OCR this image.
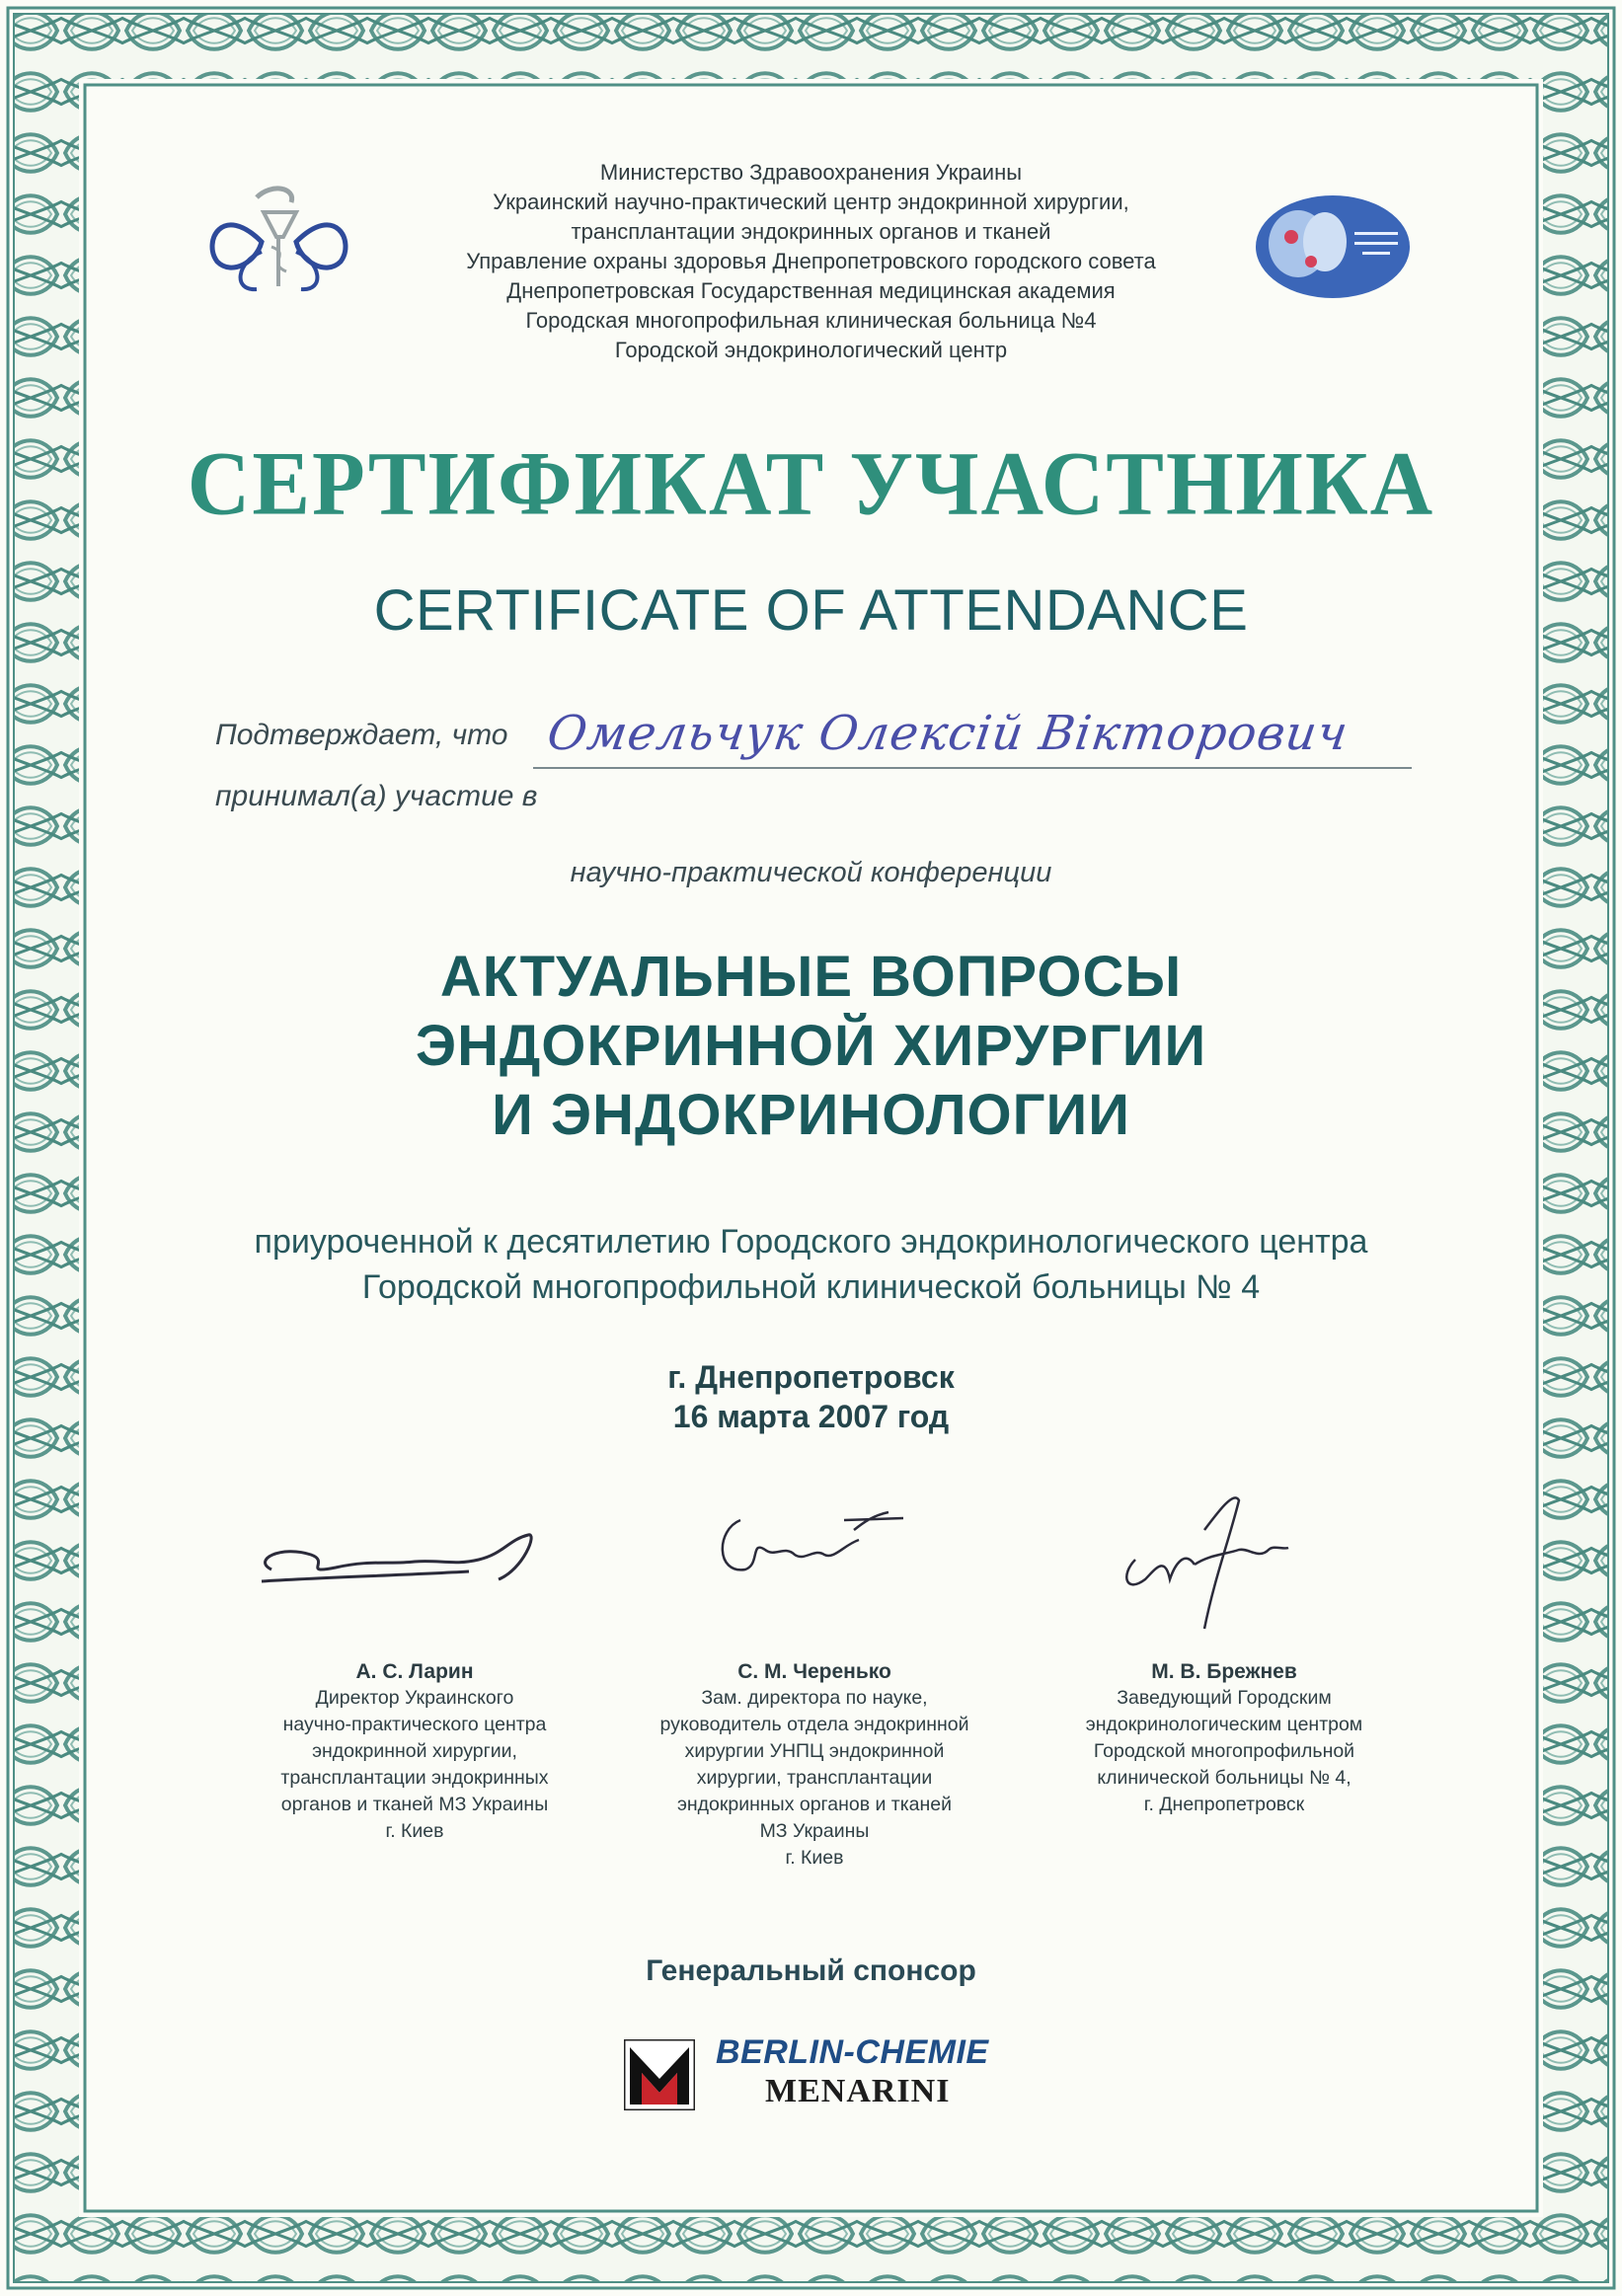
Министерство Здравоохранения Украины
Украинский научно-практический центр эндокринной хирургии,
трансплантации эндокринных органов и тканей
Управление охраны здоровья Днепропетровского городского совета
Днепропетровская Государственная медицинская академия
Городская многопрофильная клиническая больница №4
Городской эндокринологический центр
СЕРТИФИКАТ УЧАСТНИКА
CERTIFICATE OF ATTENDANCE
Подтверждает, что Омельчук Олексій Вікторович
принимал(а) участие в
научно-практической конференции
АКТУАЛЬНЫЕ ВОПРОСЫ
ЭНДОКРИННОЙ ХИРУРГИИ
И ЭНДОКРИНОЛОГИИ
приуроченной к десятилетию Городского эндокринологического центра
Городской многопрофильной клинической больницы № 4
г. Днепропетровск
16 марта 2007 год
А. С. Ларин
Директор Украинского
научно-практического центра
эндокринной хирургии,
трансплантации эндокринных
органов и тканей МЗ Украины
г. Киев
С. М. Черенько
Зам. директора по науке,
руководитель отдела эндокринной
хирургии УНПЦ эндокринной
хирургии, трансплантации
эндокринных органов и тканей
МЗ Украины
г. Киев
М. В. Брежнев
Заведующий Городским
эндокринологическим центром
Городской многопрофильной
клинической больницы № 4,
г. Днепропетровск
Генеральный спонсор
BERLIN-CHEMIE
MENARINI
